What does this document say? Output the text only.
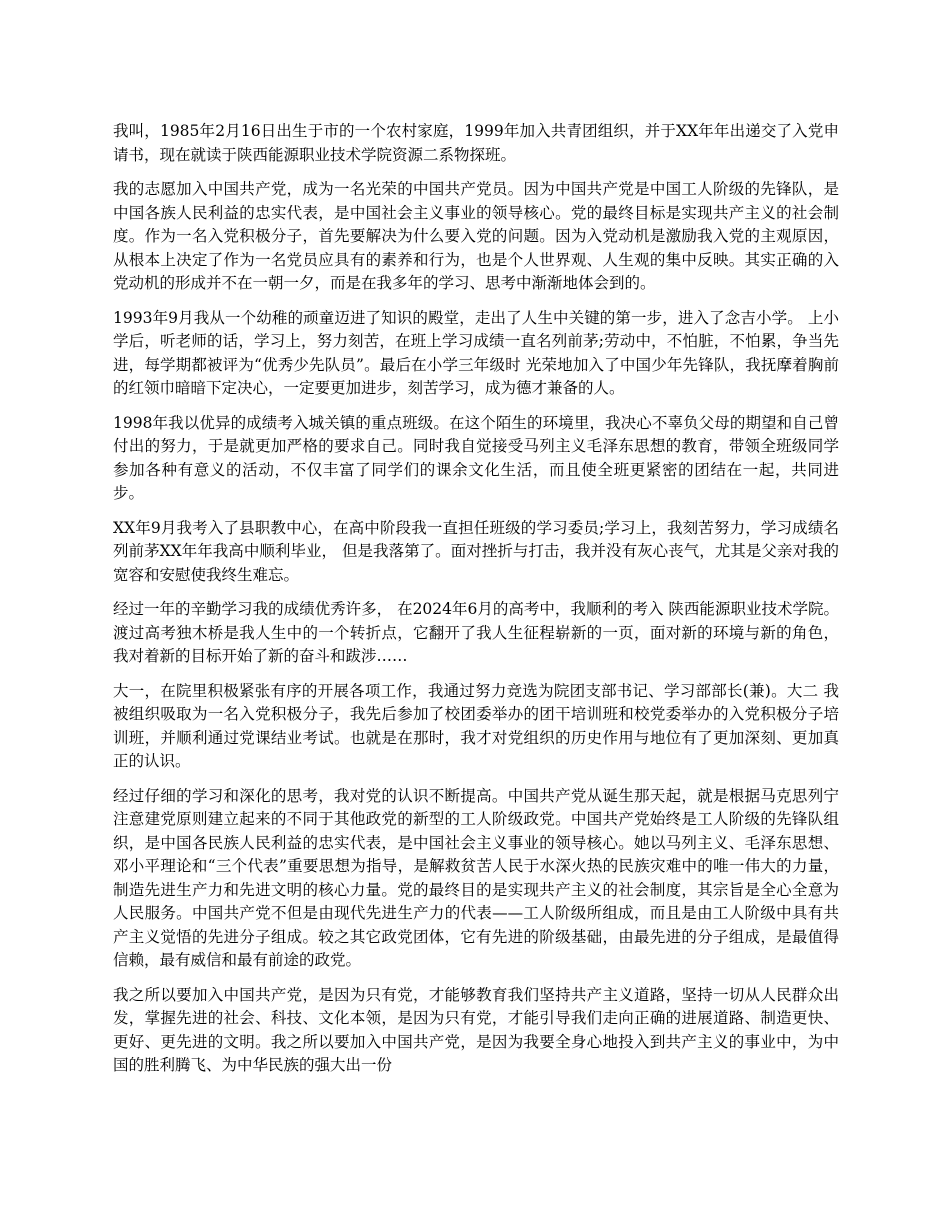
我叫，1985年2月16日出生于市的一个农村家庭，1999年加入共青团组织，并于XX年年出递交了入党申请书，现在就读于陕西能源职业技术学院资源二系物探班。

我的志愿加入中国共产党，成为一名光荣的中国共产党员。因为中国共产党是中国工人阶级的先锋队，是中国各族人民利益的忠实代表，是中国社会主义事业的领导核心。党的最终目标是实现共产主义的社会制度。作为一名入党积极分子，首先要解决为什么要入党的问题。因为入党动机是激励我入党的主观原因，从根本上决定了作为一名党员应具有的素养和行为，也是个人世界观、人生观的集中反映。其实正确的入党动机的形成并不在一朝一夕，而是在我多年的学习、思考中渐渐地体会到的。

1993年9月我从一个幼稚的顽童迈进了知识的殿堂，走出了人生中关键的第一步，进入了念吉小学。 上小学后，听老师的话，学习上，努力刻苦，在班上学习成绩一直名列前茅;劳动中，不怕脏，不怕累，争当先进，每学期都被评为“优秀少先队员”。最后在小学三年级时 光荣地加入了中国少年先锋队，我抚摩着胸前的红领巾暗暗下定决心，一定要更加进步，刻苦学习，成为德才兼备的人。

1998年我以优异的成绩考入城关镇的重点班级。在这个陌生的环境里，我决心不辜负父母的期望和自己曾付出的努力，于是就更加严格的要求自己。同时我自觉接受马列主义毛泽东思想的教育，带领全班级同学参加各种有意义的活动，不仅丰富了同学们的课余文化生活，而且使全班更紧密的团结在一起，共同进步。

XX年9月我考入了县职教中心，在高中阶段我一直担任班级的学习委员;学习上，我刻苦努力，学习成绩名列前茅XX年年我高中顺利毕业， 但是我落第了。面对挫折与打击，我并没有灰心丧气，尤其是父亲对我的宽容和安慰使我终生难忘。

经过一年的辛勤学习我的成绩优秀许多， 在2024年6月的高考中，我顺利的考入 陕西能源职业技术学院。渡过高考独木桥是我人生中的一个转折点，它翻开了我人生征程崭新的一页，面对新的环境与新的角色，我对着新的目标开始了新的奋斗和跋涉……

大一，在院里积极紧张有序的开展各项工作，我通过努力竞选为院团支部书记、学习部部长(兼)。大二 我被组织吸取为一名入党积极分子，我先后参加了校团委举办的团干培训班和校党委举办的入党积极分子培训班，并顺利通过党课结业考试。也就是在那时，我才对党组织的历史作用与地位有了更加深刻、更加真正的认识。

经过仔细的学习和深化的思考，我对党的认识不断提高。中国共产党从诞生那天起，就是根据马克思列宁注意建党原则建立起来的不同于其他政党的新型的工人阶级政党。中国共产党始终是工人阶级的先锋队组织，是中国各民族人民利益的忠实代表，是中国社会主义事业的领导核心。她以马列主义、毛泽东思想、邓小平理论和“三个代表”重要思想为指导，是解救贫苦人民于水深火热的民族灾难中的唯一伟大的力量，制造先进生产力和先进文明的核心力量。党的最终目的是实现共产主义的社会制度，其宗旨是全心全意为人民服务。中国共产党不但是由现代先进生产力的代表——工人阶级所组成，而且是由工人阶级中具有共产主义觉悟的先进分子组成。较之其它政党团体，它有先进的阶级基础，由最先进的分子组成，是最值得信赖，最有威信和最有前途的政党。

我之所以要加入中国共产党，是因为只有党，才能够教育我们坚持共产主义道路，坚持一切从人民群众出发，掌握先进的社会、科技、文化本领，是因为只有党，才能引导我们走向正确的进展道路、制造更快、更好、更先进的文明。我之所以要加入中国共产党，是因为我要全身心地投入到共产主义的事业中，为中国的胜利腾飞、为中华民族的强大出一份
